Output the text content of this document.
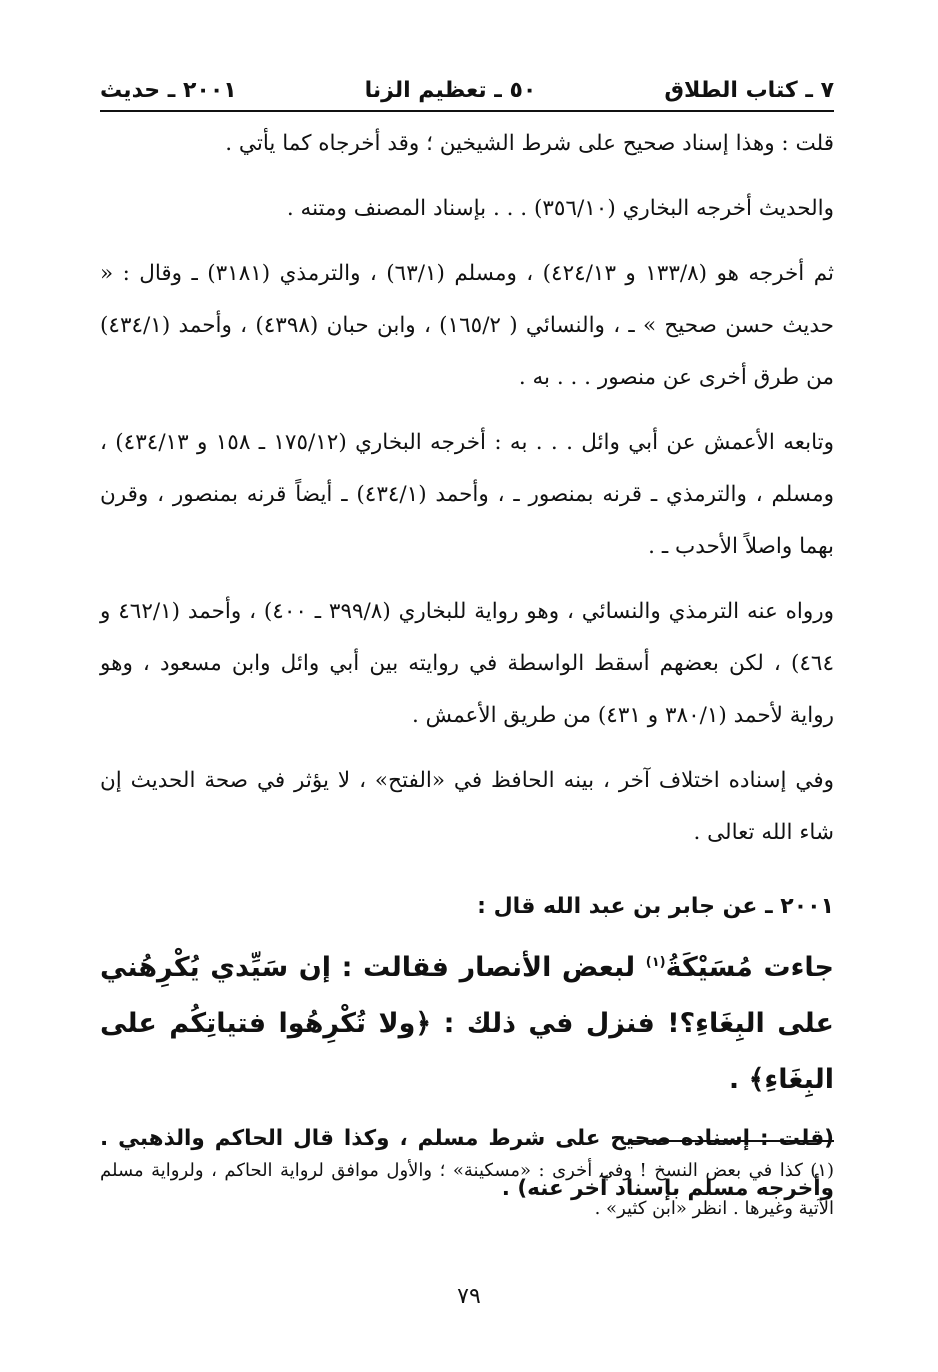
٧ ـ كتاب الطلاق
٥٠ ـ تعظيم الزنا
٢٠٠١ ـ حديث

قلت : وهذا إسناد صحيح على شرط الشيخين ؛ وقد أخرجاه كما يأتي .

والحديث أخرجه البخاري (٣٥٦/١٠) . . . بإسناد المصنف ومتنه .

ثم أخرجه هو (١٣٣/٨ و ٤٢٤/١٣) ، ومسلم (٦٣/١) ، والترمذي (٣١٨١) ـ وقال : « حديث حسن صحيح » ـ ، والنسائي ( ١٦٥/٢) ، وابن حبان (٤٣٩٨) ، وأحمد (٤٣٤/١) من طرق أخرى عن منصور . . . به .

وتابعه الأعمش عن أبي وائل . . . به : أخرجه البخاري (١٧٥/١٢ ـ ١٥٨ و ٤٣٤/١٣) ، ومسلم ، والترمذي ـ قرنه بمنصور ـ ، وأحمد (٤٣٤/١) ـ أيضاً قرنه بمنصور ، وقرن بهما واصلاً الأحدب ـ .

ورواه عنه الترمذي والنسائي ، وهو رواية للبخاري (٣٩٩/٨ ـ ٤٠٠) ، وأحمد (٤٦٢/١ و ٤٦٤) ، لكن بعضهم أسقط الواسطة في روايته بين أبي وائل وابن مسعود ، وهو رواية لأحمد (٣٨٠/١ و ٤٣١) من طريق الأعمش .

وفي إسناده اختلاف آخر ، بينه الحافظ في «الفتح» ، لا يؤثر في صحة الحديث إن شاء الله تعالى .

٢٠٠١ ـ عن جابر بن عبد الله قال :

جاءت مُسَيْكَةُ$^{(١)}$ لبعض الأنصار فقالت : إن سَيِّدي يُكْرِهُني على البِغَاءِ؟! فنزل في ذلك : ﴿ولا تُكْرِهُوا فتياتِكُم على البِغَاءِ﴾ .

(قلت : إسناده صحيح على شرط مسلم ، وكذا قال الحاكم والذهبي . وأخرجه مسلم بإسناد آخر عنه) .

(١) كذا في بعض النسخ ! وفي أخرى : «مسكينة» ؛ والأول موافق لرواية الحاكم ، ولرواية مسلم الآتية وغيرها . انظر «ابن كثير» .
٧٩
